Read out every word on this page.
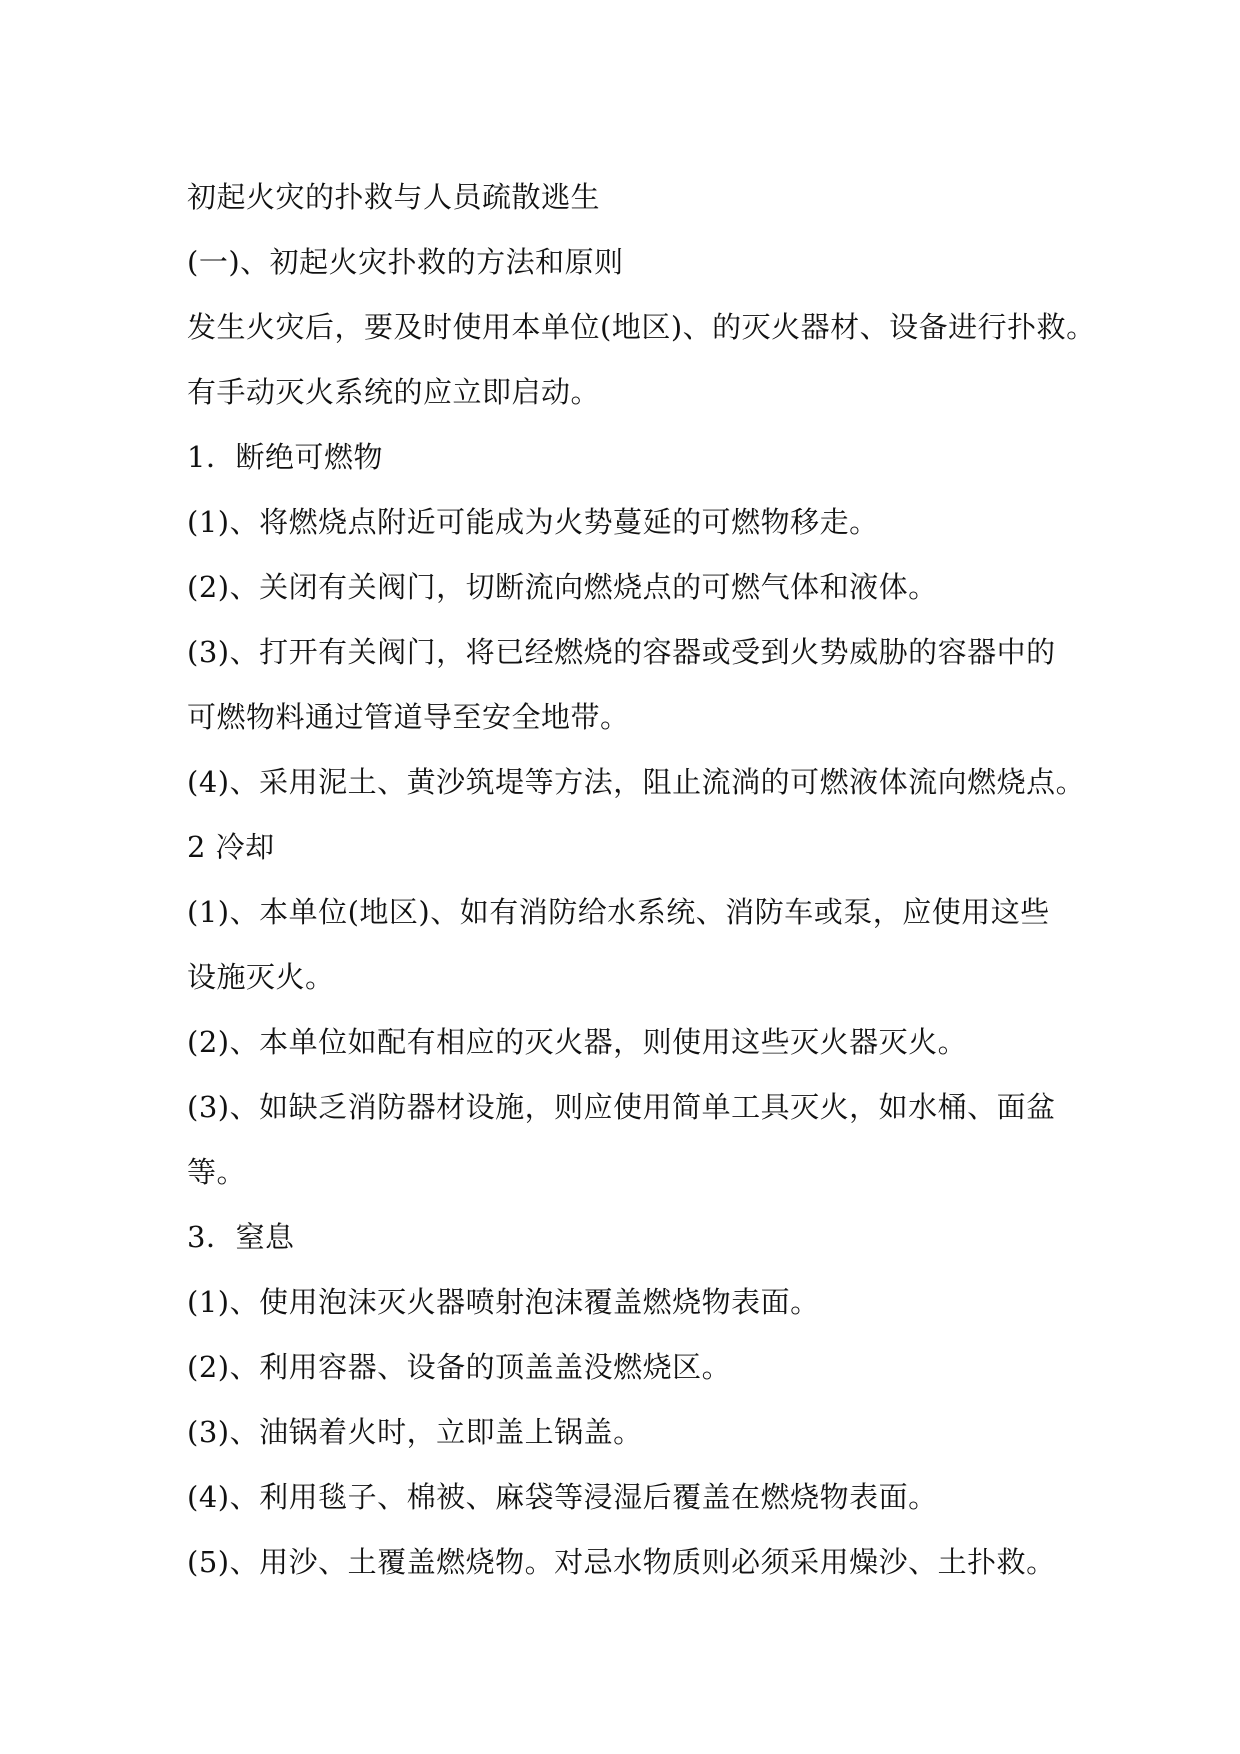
初起火灾的扑救与人员疏散逃生
(一)、初起火灾扑救的方法和原则
发生火灾后，要及时使用本单位(地区)、的灭火器材、设备进行扑救。
有手动灭火系统的应立即启动。
1．断绝可燃物
(1)、将燃烧点附近可能成为火势蔓延的可燃物移走。
(2)、关闭有关阀门，切断流向燃烧点的可燃气体和液体。
(3)、打开有关阀门，将已经燃烧的容器或受到火势威胁的容器中的
可燃物料通过管道导至安全地带。
(4)、采用泥土、黄沙筑堤等方法，阻止流淌的可燃液体流向燃烧点。
2 冷却
(1)、本单位(地区)、如有消防给水系统、消防车或泵，应使用这些
设施灭火。
(2)、本单位如配有相应的灭火器，则使用这些灭火器灭火。
(3)、如缺乏消防器材设施，则应使用简单工具灭火，如水桶、面盆
等。
3．窒息
(1)、使用泡沫灭火器喷射泡沫覆盖燃烧物表面。
(2)、利用容器、设备的顶盖盖没燃烧区。
(3)、油锅着火时，立即盖上锅盖。
(4)、利用毯子、棉被、麻袋等浸湿后覆盖在燃烧物表面。
(5)、用沙、土覆盖燃烧物。对忌水物质则必须采用燥沙、土扑救。
